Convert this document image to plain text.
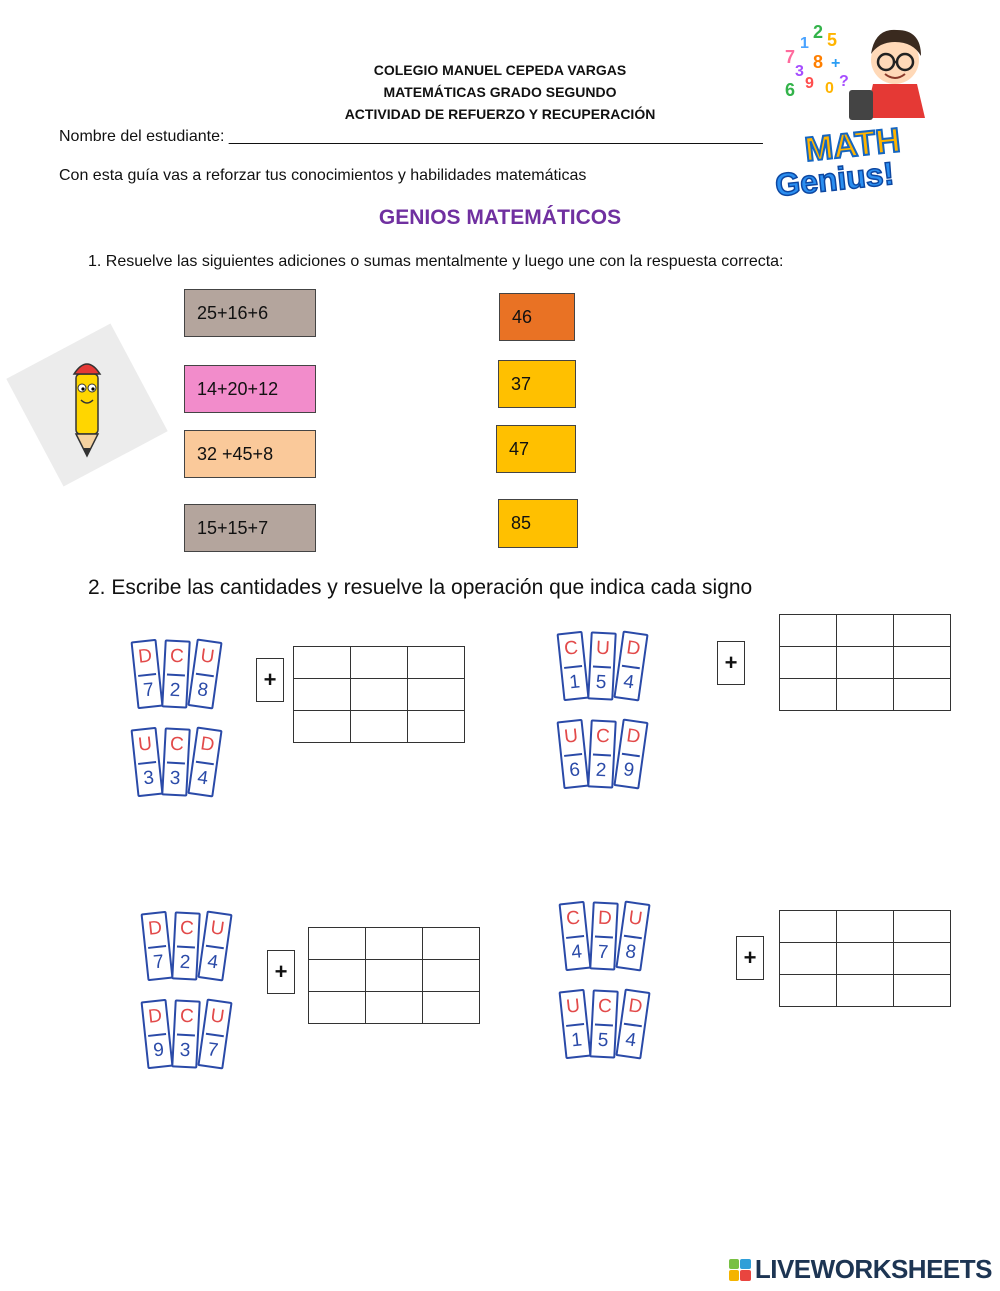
COLEGIO MANUEL CEPEDA VARGAS
MATEMÁTICAS GRADO SEGUNDO
ACTIVIDAD DE REFUERZO Y RECUPERACIÓN
Nombre del estudiante: ____________________________________________________________
Con esta guía vas a reforzar tus conocimientos y habilidades matemáticas
GENIOS MATEMÁTICOS
7
1
2 5
3 8 +
6 9 0 ?
MATH
Genius!
1. Resuelve las siguientes adiciones o sumas mentalmente y luego une con la respuesta correcta:
25+16+6
14+20+12
32 +45+8
15+15+7
46
37
47
85
2. Escribe las cantidades y resuelve la operación que indica cada signo
D
7
C
2
U
8
U
3
C
3
D
4
+

C
1
U
5
D
4
U
6
C
2
D
9
+

D
7
C
2
U
4
D
9
C
3
U
7
+

C
4
D
7
U
8
U
1
C
5
D
4
+

LIVEWORKSHEETS
